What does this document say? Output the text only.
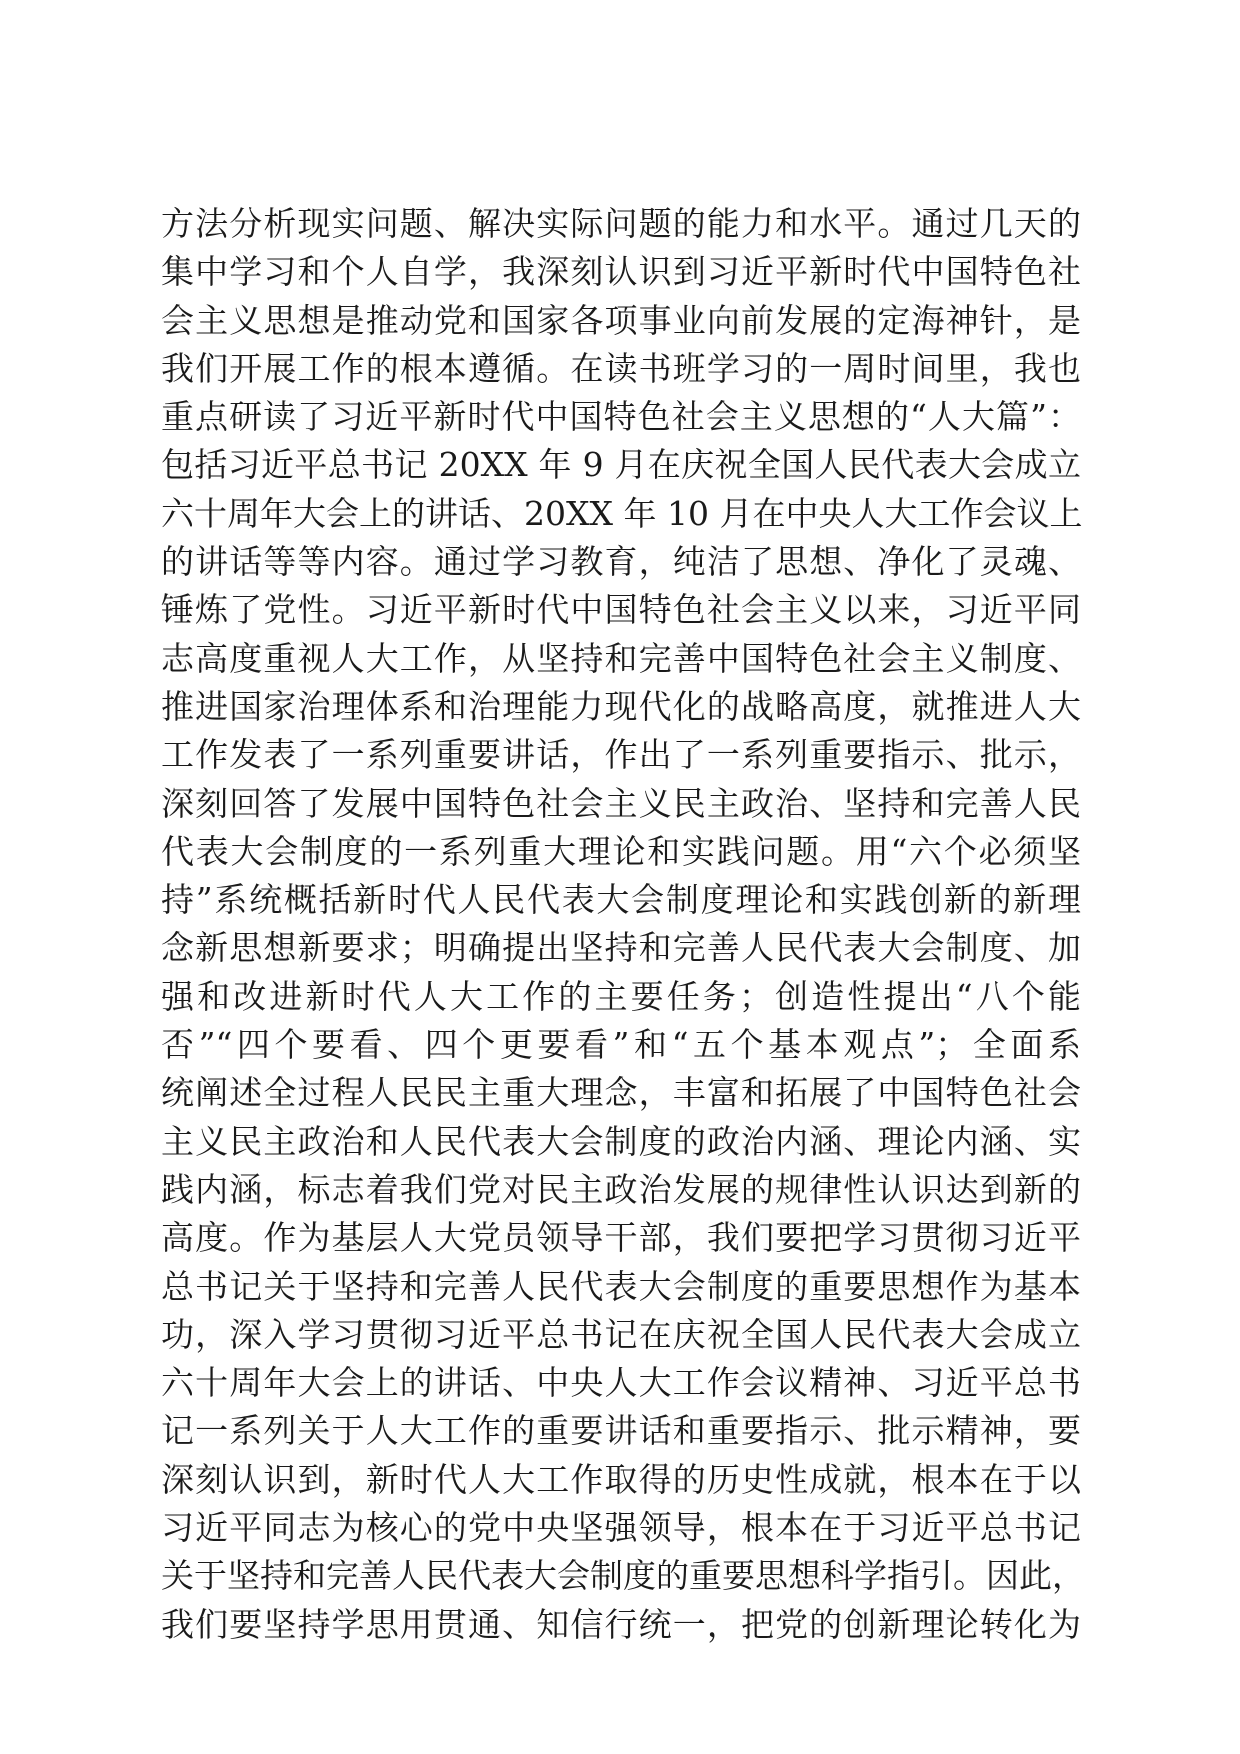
方法分析现实问题、解决实际问题的能力和水平。通过几天的
集中学习和个人自学，我深刻认识到习近平新时代中国特色社
会主义思想是推动党和国家各项事业向前发展的定海神针，是
我们开展工作的根本遵循。在读书班学习的一周时间里，我也
重点研读了习近平新时代中国特色社会主义思想的“人大篇”：
包括习近平总书记 20XX 年 9 月在庆祝全国人民代表大会成立
六十周年大会上的讲话、20XX 年 10 月在中央人大工作会议上
的讲话等等内容。通过学习教育，纯洁了思想、净化了灵魂、
锤炼了党性。习近平新时代中国特色社会主义以来，习近平同
志高度重视人大工作，从坚持和完善中国特色社会主义制度、
推进国家治理体系和治理能力现代化的战略高度，就推进人大
工作发表了一系列重要讲话，作出了一系列重要指示、批示，
深刻回答了发展中国特色社会主义民主政治、坚持和完善人民
代表大会制度的一系列重大理论和实践问题。用“六个必须坚
持”系统概括新时代人民代表大会制度理论和实践创新的新理
念新思想新要求；明确提出坚持和完善人民代表大会制度、加
强和改进新时代人大工作的主要任务；创造性提出“八个能
否”“四个要看、四个更要看”和“五个基本观点”；全面系
统阐述全过程人民民主重大理念，丰富和拓展了中国特色社会
主义民主政治和人民代表大会制度的政治内涵、理论内涵、实
践内涵，标志着我们党对民主政治发展的规律性认识达到新的
高度。作为基层人大党员领导干部，我们要把学习贯彻习近平
总书记关于坚持和完善人民代表大会制度的重要思想作为基本
功，深入学习贯彻习近平总书记在庆祝全国人民代表大会成立
六十周年大会上的讲话、中央人大工作会议精神、习近平总书
记一系列关于人大工作的重要讲话和重要指示、批示精神，要
深刻认识到，新时代人大工作取得的历史性成就，根本在于以
习近平同志为核心的党中央坚强领导，根本在于习近平总书记
关于坚持和完善人民代表大会制度的重要思想科学指引。因此，
我们要坚持学思用贯通、知信行统一，把党的创新理论转化为
